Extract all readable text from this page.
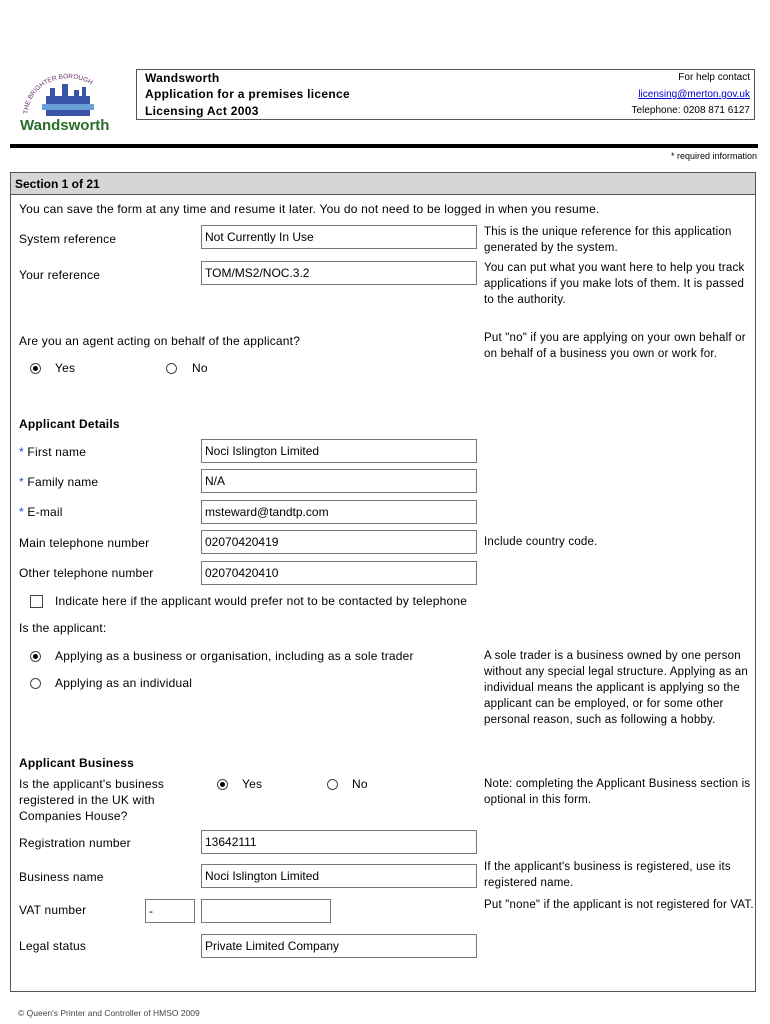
THE BRIGHTER BOROUGH
Wandsworth
Wandsworth
Application for a premises licence
Licensing Act 2003
For help contact
licensing@merton.gov.uk
Telephone: 0208 871 6127
* required information
Section 1 of 21
You can save the form at any time and resume it later. You do not need to be logged in when you resume.
System reference	Not Currently In Use	This is the unique reference for this application generated by the system.
Your reference	TOM/MS2/NOC.3.2	You can put what you want here to help you track applications if you make lots of them. It is passed to the authority.
Are you an agent acting on behalf of the applicant?	Put "no" if you are applying on your own behalf or on behalf of a business you own or work for.
Yes	No
Applicant Details
* First name	Noci Islington Limited
* Family name	N/A
* E-mail	msteward@tandtp.com
Main telephone number	02070420419	Include country code.
Other telephone number	02070420410
Indicate here if the applicant would prefer not to be contacted by telephone
Is the applicant:
Applying as a business or organisation, including as a sole trader
Applying as an individual
A sole trader is a business owned by one person without any special legal structure. Applying as an individual means the applicant is applying so the applicant can be employed, or for some other personal reason, such as following a hobby.
Applicant Business
Is the applicant's business registered in the UK with Companies House?
Yes	No	Note: completing the Applicant Business section is optional in this form.
Registration number	13642111
Business name	Noci Islington Limited
If the applicant's business is registered, use its registered name.
VAT number	-	Put "none" if the applicant is not registered for VAT.
Legal status	Private Limited Company
© Queen's Printer and Controller of HMSO 2009
